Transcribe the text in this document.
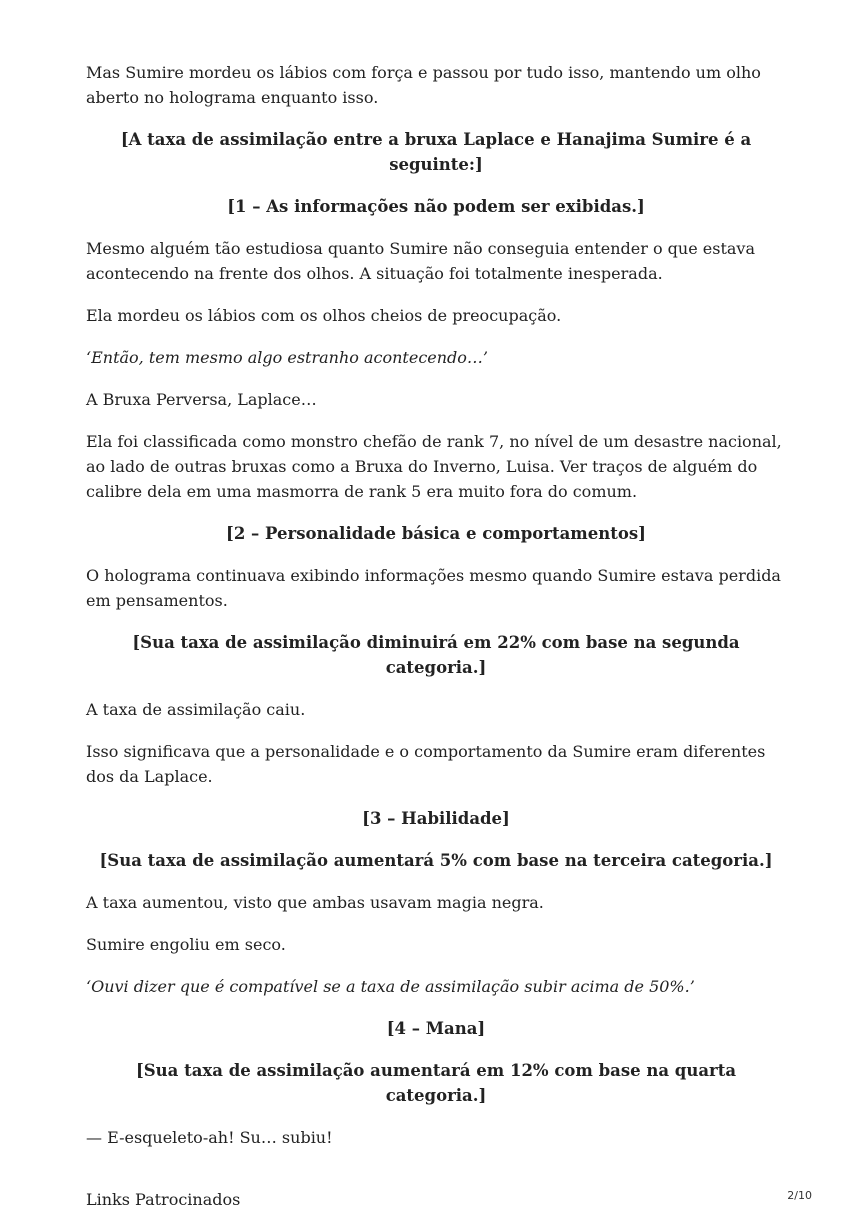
Mas Sumire mordeu os lábios com força e passou por tudo isso, mantendo um olho aberto no holograma enquanto isso.

[A taxa de assimilação entre a bruxa Laplace e Hanajima Sumire é a seguinte:]

[1 – As informações não podem ser exibidas.]

Mesmo alguém tão estudiosa quanto Sumire não conseguia entender o que estava acontecendo na frente dos olhos. A situação foi totalmente inesperada.

Ela mordeu os lábios com os olhos cheios de preocupação.

‘Então, tem mesmo algo estranho acontecendo…’

A Bruxa Perversa, Laplace…

Ela foi classificada como monstro chefão de rank 7, no nível de um desastre nacional, ao lado de outras bruxas como a Bruxa do Inverno, Luisa. Ver traços de alguém do calibre dela em uma masmorra de rank 5 era muito fora do comum.

[2 – Personalidade básica e comportamentos]

O holograma continuava exibindo informações mesmo quando Sumire estava perdida em pensamentos.

[Sua taxa de assimilação diminuirá em 22% com base na segunda categoria.]

A taxa de assimilação caiu.

Isso significava que a personalidade e o comportamento da Sumire eram diferentes dos da Laplace.

[3 – Habilidade]

[Sua taxa de assimilação aumentará 5% com base na terceira categoria.]

A taxa aumentou, visto que ambas usavam magia negra.

Sumire engoliu em seco.

‘Ouvi dizer que é compatível se a taxa de assimilação subir acima de 50%.’

[4 – Mana]

[Sua taxa de assimilação aumentará em 12% com base na quarta categoria.]

— E-esqueleto-ah! Su… subiu!

Links Patrocinados	2/10
